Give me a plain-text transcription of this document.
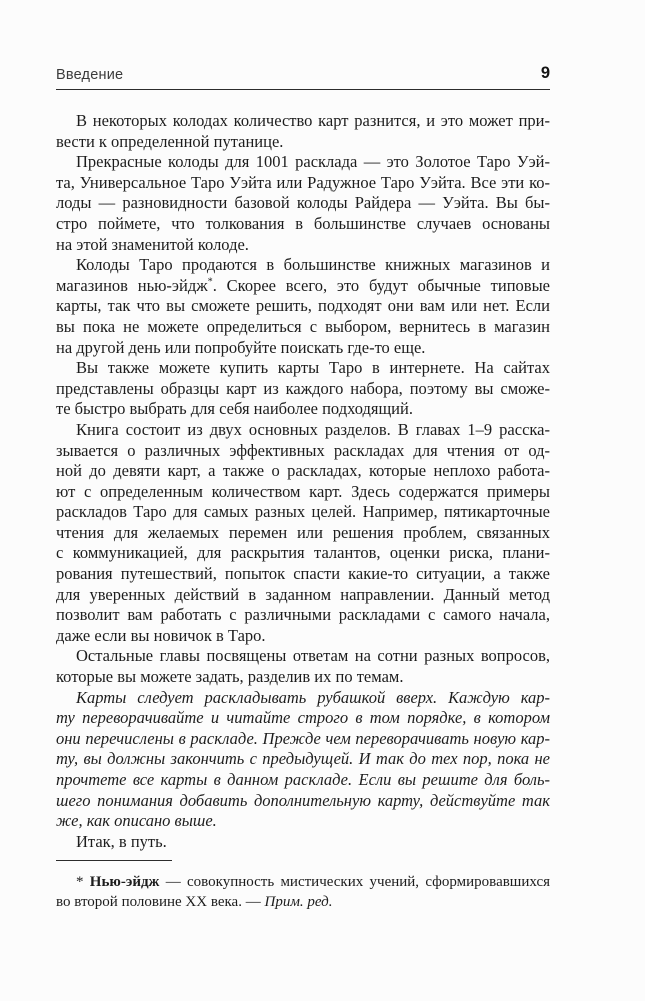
Введение	9
В некоторых колодах количество карт разнится, и это может при-
вести к определенной путанице.
Прекрасные колоды для 1001 расклада — это Золотое Таро Уэй-
та, Универсальное Таро Уэйта или Радужное Таро Уэйта. Все эти ко-
лоды — разновидности базовой колоды Райдера — Уэйта. Вы бы-
стро поймете, что толкования в большинстве случаев основаны
на этой знаменитой колоде.
Колоды Таро продаются в большинстве книжных магазинов и
магазинов нью-эйдж*. Скорее всего, это будут обычные типовые
карты, так что вы сможете решить, подходят они вам или нет. Если
вы пока не можете определиться с выбором, вернитесь в магазин
на другой день или попробуйте поискать где-то еще.
Вы также можете купить карты Таро в интернете. На сайтах
представлены образцы карт из каждого набора, поэтому вы сможе-
те быстро выбрать для себя наиболее подходящий.
Книга состоит из двух основных разделов. В главах 1–9 расска-
зывается о различных эффективных раскладах для чтения от од-
ной до девяти карт, а также о раскладах, которые неплохо работа-
ют с определенным количеством карт. Здесь содержатся примеры
раскладов Таро для самых разных целей. Например, пятикарточные
чтения для желаемых перемен или решения проблем, связанных
с коммуникацией, для раскрытия талантов, оценки риска, плани-
рования путешествий, попыток спасти какие-то ситуации, а также
для уверенных действий в заданном направлении. Данный метод
позволит вам работать с различными раскладами с самого начала,
даже если вы новичок в Таро.
Остальные главы посвящены ответам на сотни разных вопросов,
которые вы можете задать, разделив их по темам.
Карты следует раскладывать рубашкой вверх. Каждую кар-
ту переворачивайте и читайте строго в том порядке, в котором
они перечислены в раскладе. Прежде чем переворачивать новую кар-
ту, вы должны закончить с предыдущей. И так до тех пор, пока не
прочтете все карты в данном раскладе. Если вы решите для боль-
шего понимания добавить дополнительную карту, действуйте так
же, как описано выше.
Итак, в путь.
* Нью-эйдж — совокупность мистических учений, сформировавшихся
во второй половине XX века. — Прим. ред.
